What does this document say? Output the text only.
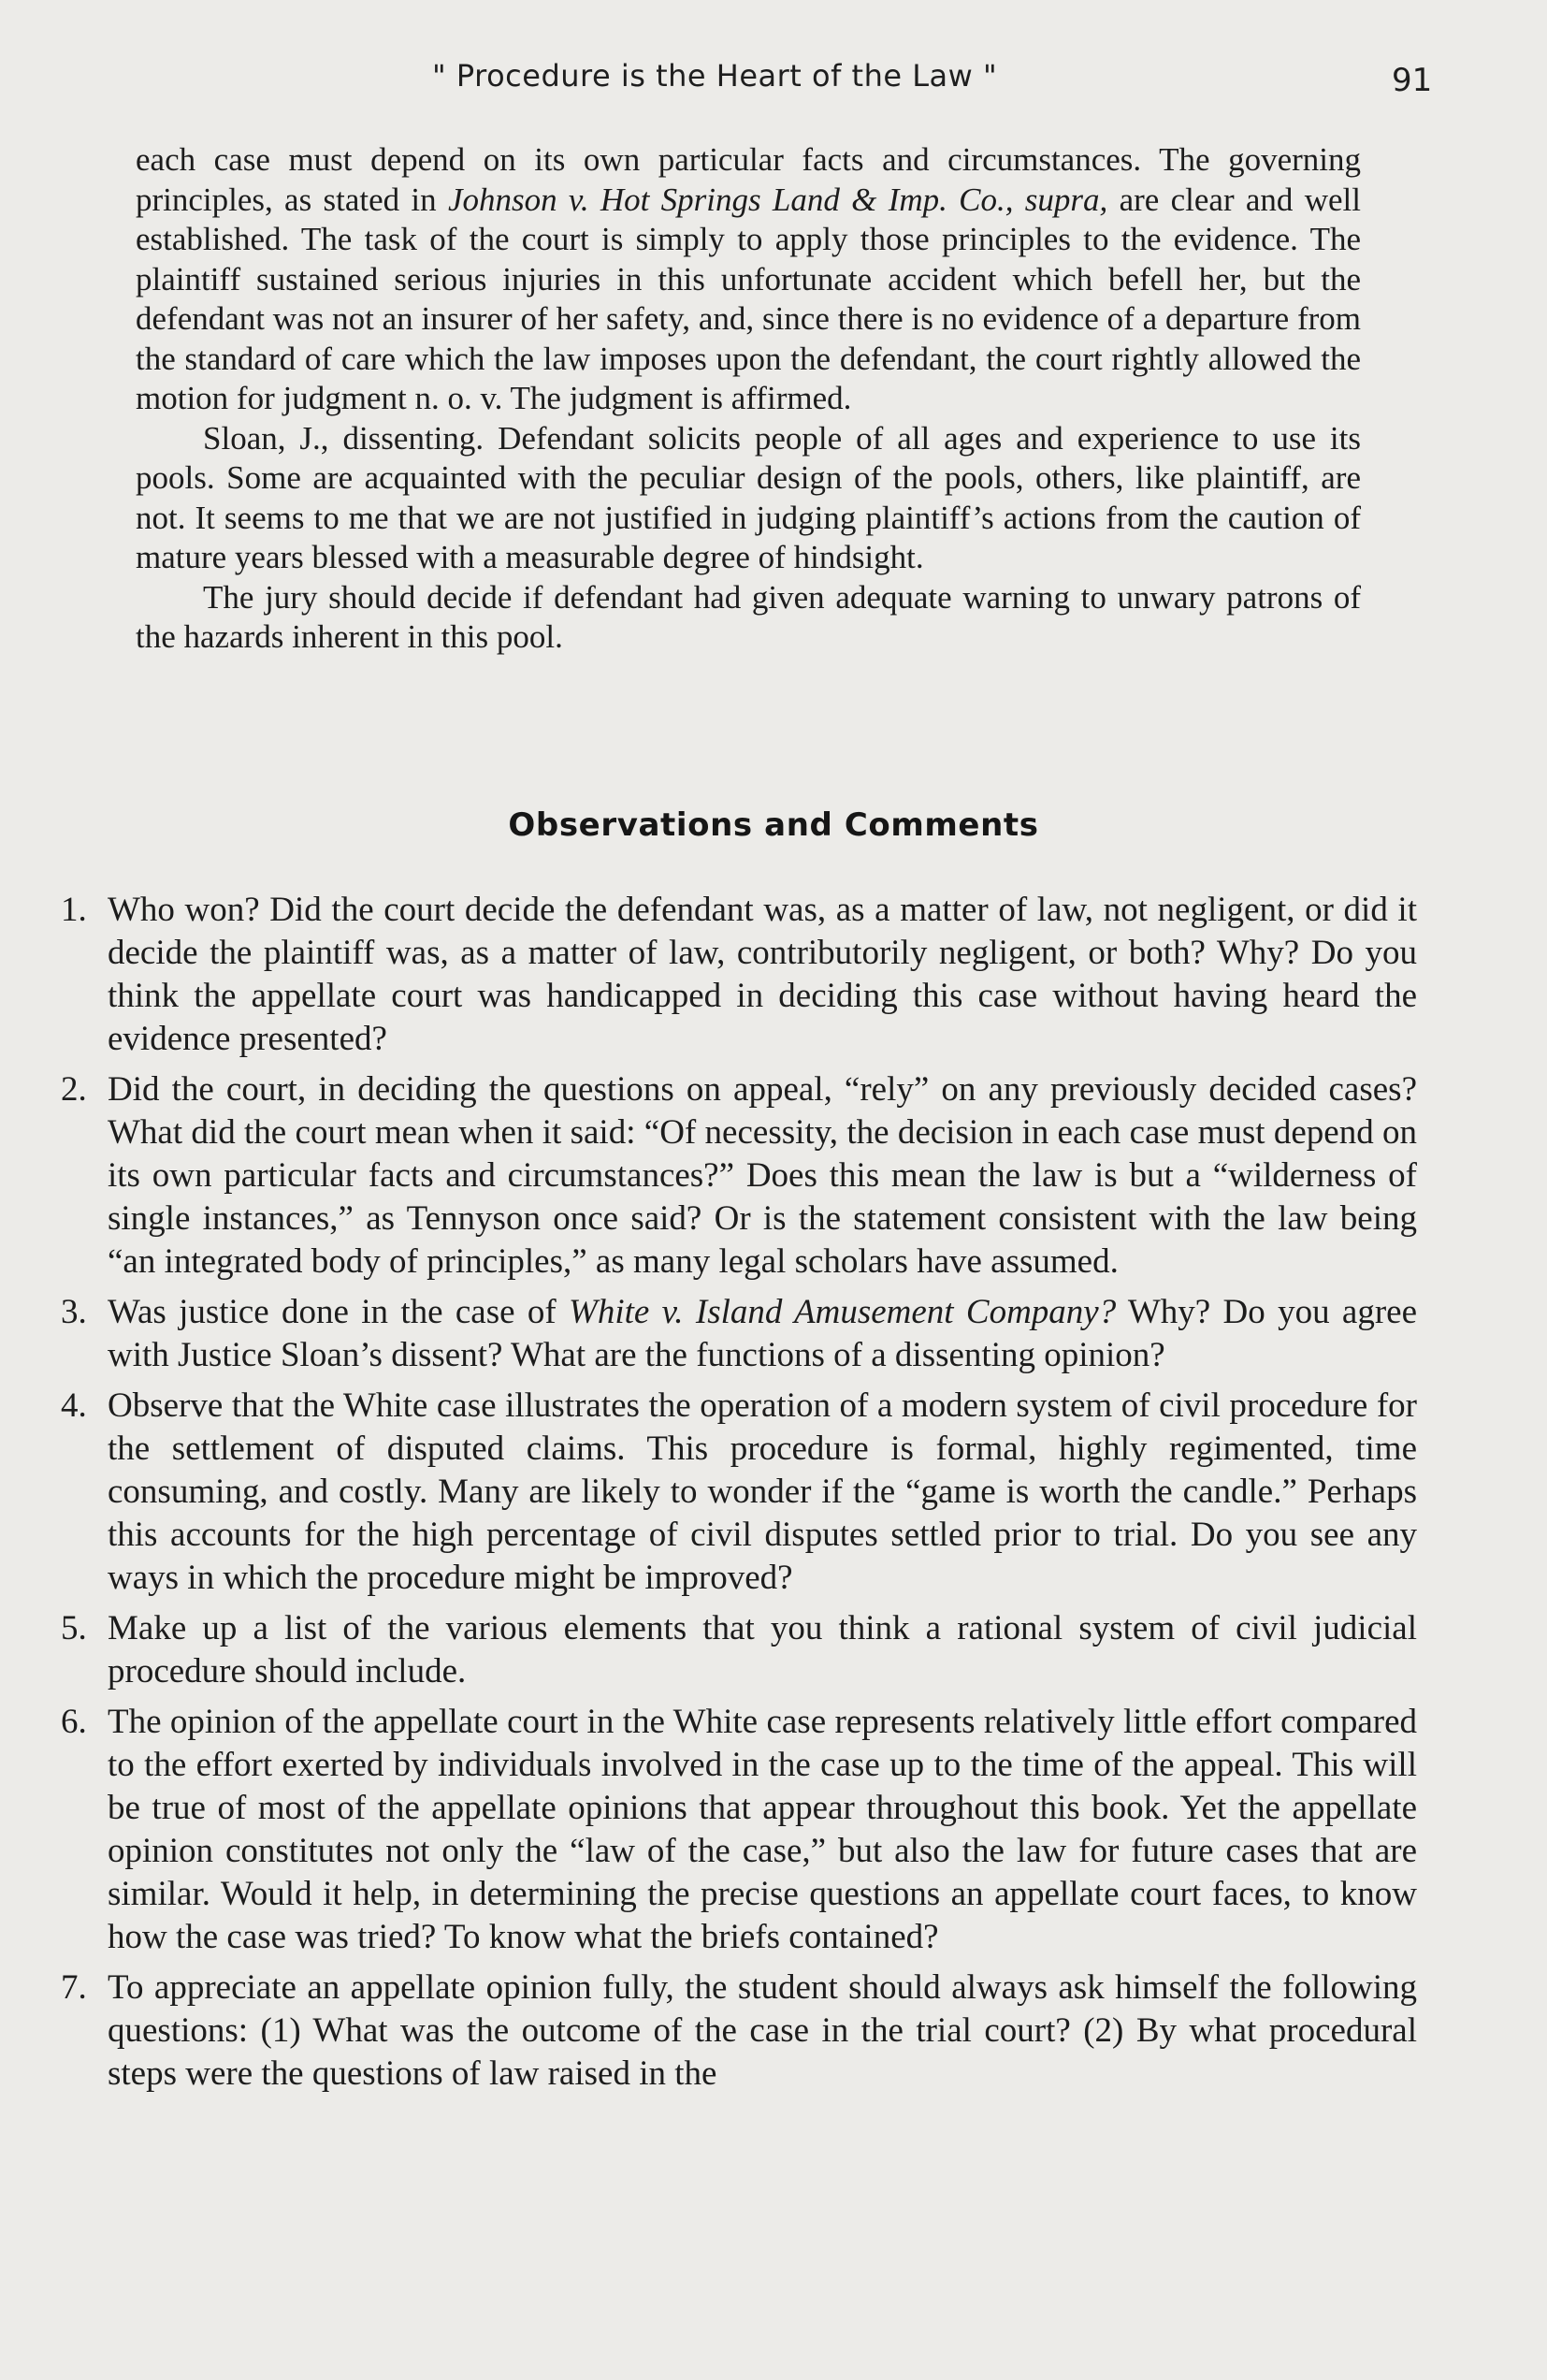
" Procedure is the Heart of the Law "	91

each case must depend on its own particular facts and circumstances. The governing principles, as stated in Johnson v. Hot Springs Land & Imp. Co., supra, are clear and well established. The task of the court is simply to apply those principles to the evidence. The plaintiff sustained serious injuries in this unfortunate accident which befell her, but the defendant was not an insurer of her safety, and, since there is no evidence of a departure from the standard of care which the law imposes upon the defendant, the court rightly allowed the motion for judgment n. o. v. The judgment is affirmed.

Sloan, J., dissenting. Defendant solicits people of all ages and experience to use its pools. Some are acquainted with the peculiar design of the pools, others, like plaintiff, are not. It seems to me that we are not justified in judging plaintiff’s actions from the caution of mature years blessed with a measurable degree of hindsight.

The jury should decide if defendant had given adequate warning to unwary patrons of the hazards inherent in this pool.

Observations and Comments
1. Who won? Did the court decide the defendant was, as a matter of law, not negligent, or did it decide the plaintiff was, as a matter of law, contributorily negligent, or both? Why? Do you think the appellate court was handicapped in deciding this case without having heard the evidence presented?
2. Did the court, in deciding the questions on appeal, “rely” on any previously decided cases? What did the court mean when it said: “Of necessity, the decision in each case must depend on its own particular facts and circumstances?” Does this mean the law is but a “wilderness of single instances,” as Tennyson once said? Or is the statement consistent with the law being “an integrated body of principles,” as many legal scholars have assumed.
3. Was justice done in the case of White v. Island Amusement Company? Why? Do you agree with Justice Sloan’s dissent? What are the functions of a dissenting opinion?
4. Observe that the White case illustrates the operation of a modern system of civil procedure for the settlement of disputed claims. This procedure is formal, highly regimented, time consuming, and costly. Many are likely to wonder if the “game is worth the candle.” Perhaps this accounts for the high percentage of civil disputes settled prior to trial. Do you see any ways in which the procedure might be improved?
5. Make up a list of the various elements that you think a rational system of civil judicial procedure should include.
6. The opinion of the appellate court in the White case represents relatively little effort compared to the effort exerted by individuals involved in the case up to the time of the appeal. This will be true of most of the appellate opinions that appear throughout this book. Yet the appellate opinion constitutes not only the “law of the case,” but also the law for future cases that are similar. Would it help, in determining the precise questions an appellate court faces, to know how the case was tried? To know what the briefs contained?
7. To appreciate an appellate opinion fully, the student should always ask himself the following questions: (1) What was the outcome of the case in the trial court? (2) By what procedural steps were the questions of law raised in the
